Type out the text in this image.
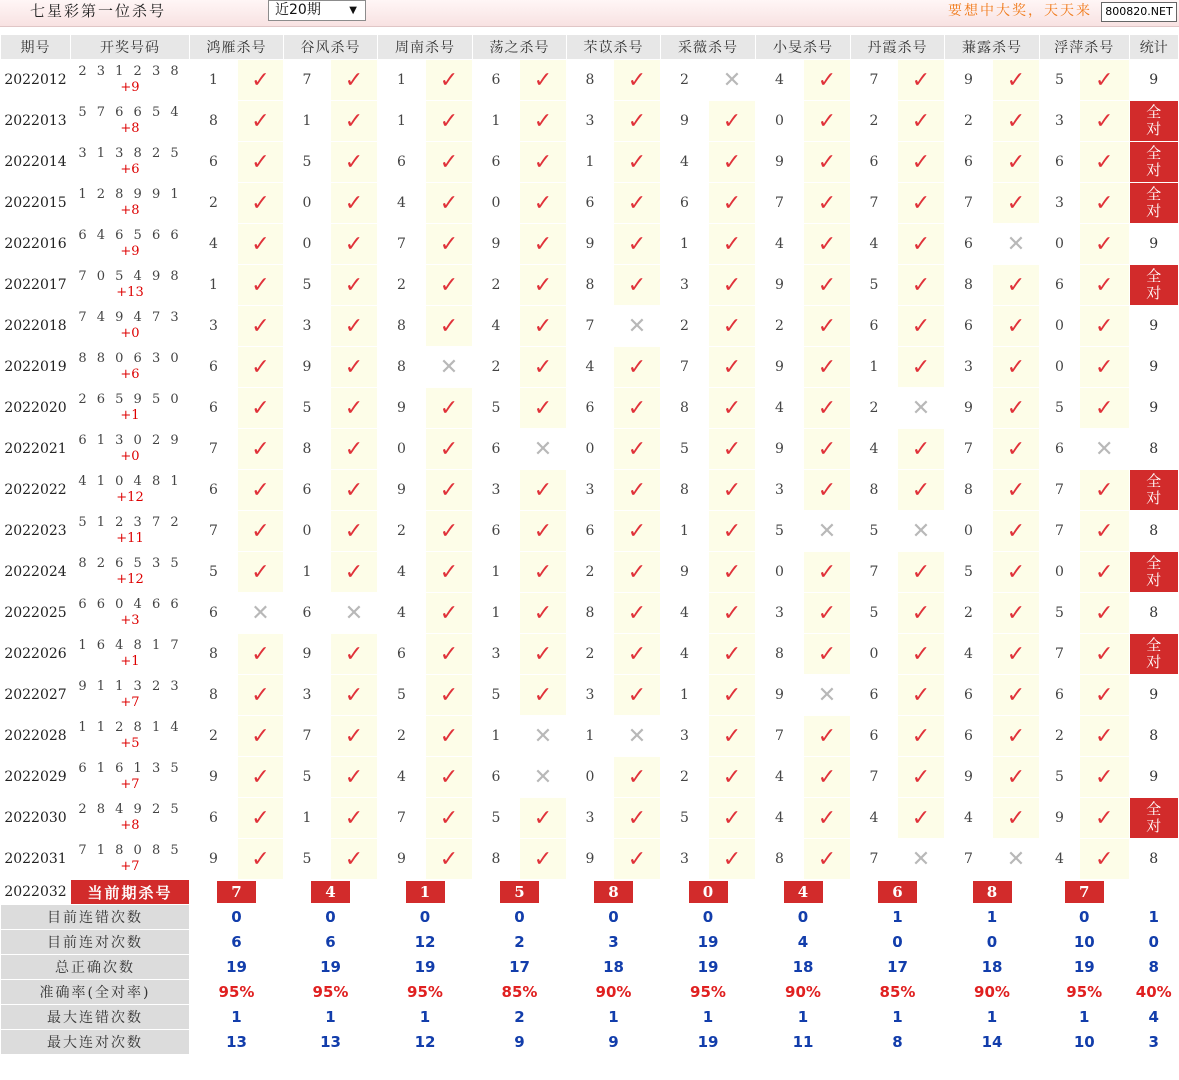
七星彩第一位杀号	近20期	▼	要想中大奖，天天来	800820.NET
期号	开奖号码	鸿雁杀号		谷风杀号		周南杀号		荡之杀号		芣苡杀号		采薇杀号		小旻杀号		丹霞杀号		蒹露杀号		浮萍杀号		统计
2022012	2 3 1 2 3 8
+9	1	✓	7	✓	1	✓	6	✓	8	✓	2	✕	4	✓	7	✓	9	✓	5	✓	9
2022013	5 7 6 6 5 4
+8	8	✓	1	✓	1	✓	1	✓	3	✓	9	✓	0	✓	2	✓	2	✓	3	✓	全对

2022014	3 1 3 8 2 5
+6	6	✓	5	✓	6	✓	6	✓	1	✓	4	✓	9	✓	6	✓	6	✓	6	✓	全对

2022015	1 2 8 9 9 1
+8	2	✓	0	✓	4	✓	0	✓	6	✓	6	✓	7	✓	7	✓	7	✓	3	✓	全对

2022016	6 4 6 5 6 6
+9	4	✓	0	✓	7	✓	9	✓	9	✓	1	✓	4	✓	4	✓	6	✕	0	✓	9
2022017	7 0 5 4 9 8
+13	1	✓	5	✓	2	✓	2	✓	8	✓	3	✓	9	✓	5	✓	8	✓	6	✓	全对

2022018	7 4 9 4 7 3
+0	3	✓	3	✓	8	✓	4	✓	7	✕	2	✓	2	✓	6	✓	6	✓	0	✓	9
2022019	8 8 0 6 3 0
+6	6	✓	9	✓	8	✕	2	✓	4	✓	7	✓	9	✓	1	✓	3	✓	0	✓	9
2022020	2 6 5 9 5 0
+1	6	✓	5	✓	9	✓	5	✓	6	✓	8	✓	4	✓	2	✕	9	✓	5	✓	9
2022021	6 1 3 0 2 9
+0	7	✓	8	✓	0	✓	6	✕	0	✓	5	✓	9	✓	4	✓	7	✓	6	✕	8
2022022	4 1 0 4 8 1
+12	6	✓	6	✓	9	✓	3	✓	3	✓	8	✓	3	✓	8	✓	8	✓	7	✓	全对

2022023	5 1 2 3 7 2
+11	7	✓	0	✓	2	✓	6	✓	6	✓	1	✓	5	✕	5	✕	0	✓	7	✓	8
2022024	8 2 6 5 3 5
+12	5	✓	1	✓	4	✓	1	✓	2	✓	9	✓	0	✓	7	✓	5	✓	0	✓	全对

2022025	6 6 0 4 6 6
+3	6	✕	6	✕	4	✓	1	✓	8	✓	4	✓	3	✓	5	✓	2	✓	5	✓	8
2022026	1 6 4 8 1 7
+1	8	✓	9	✓	6	✓	3	✓	2	✓	4	✓	8	✓	0	✓	4	✓	7	✓	全对

2022027	9 1 1 3 2 3
+7	8	✓	3	✓	5	✓	5	✓	3	✓	1	✓	9	✕	6	✓	6	✓	6	✓	9
2022028	1 1 2 8 1 4
+5	2	✓	7	✓	2	✓	1	✕	1	✕	3	✓	7	✓	6	✓	6	✓	2	✓	8
2022029	6 1 6 1 3 5
+7	9	✓	5	✓	4	✓	6	✕	0	✓	2	✓	4	✓	7	✓	9	✓	5	✓	9
2022030	2 8 4 9 2 5
+8	6	✓	1	✓	7	✓	5	✓	3	✓	5	✓	4	✓	4	✓	4	✓	9	✓	全对

2022031	7 1 8 0 8 5
+7	9	✓	5	✓	9	✓	8	✓	9	✓	3	✓	8	✓	7	✕	7	✕	4	✓	8
2022032	当前期杀号	7		4		1		5		8		0		4		6		8		7		
目前连错次数		0		0		0		0		0		0		0		1		1		0		1
目前连对次数		6		6		12		2		3		19		4		0		0		10		0
总正确次数		19		19		19		17		18		19		18		17		18		19		8
准确率(全对率)		95%		95%		95%		85%		90%		95%		90%		85%		90%		95%		40%
最大连错次数		1		1		1		2		1		1		1		1		1		1		4
最大连对次数		13		13		12		9		9		19		11		8		14		10		3
